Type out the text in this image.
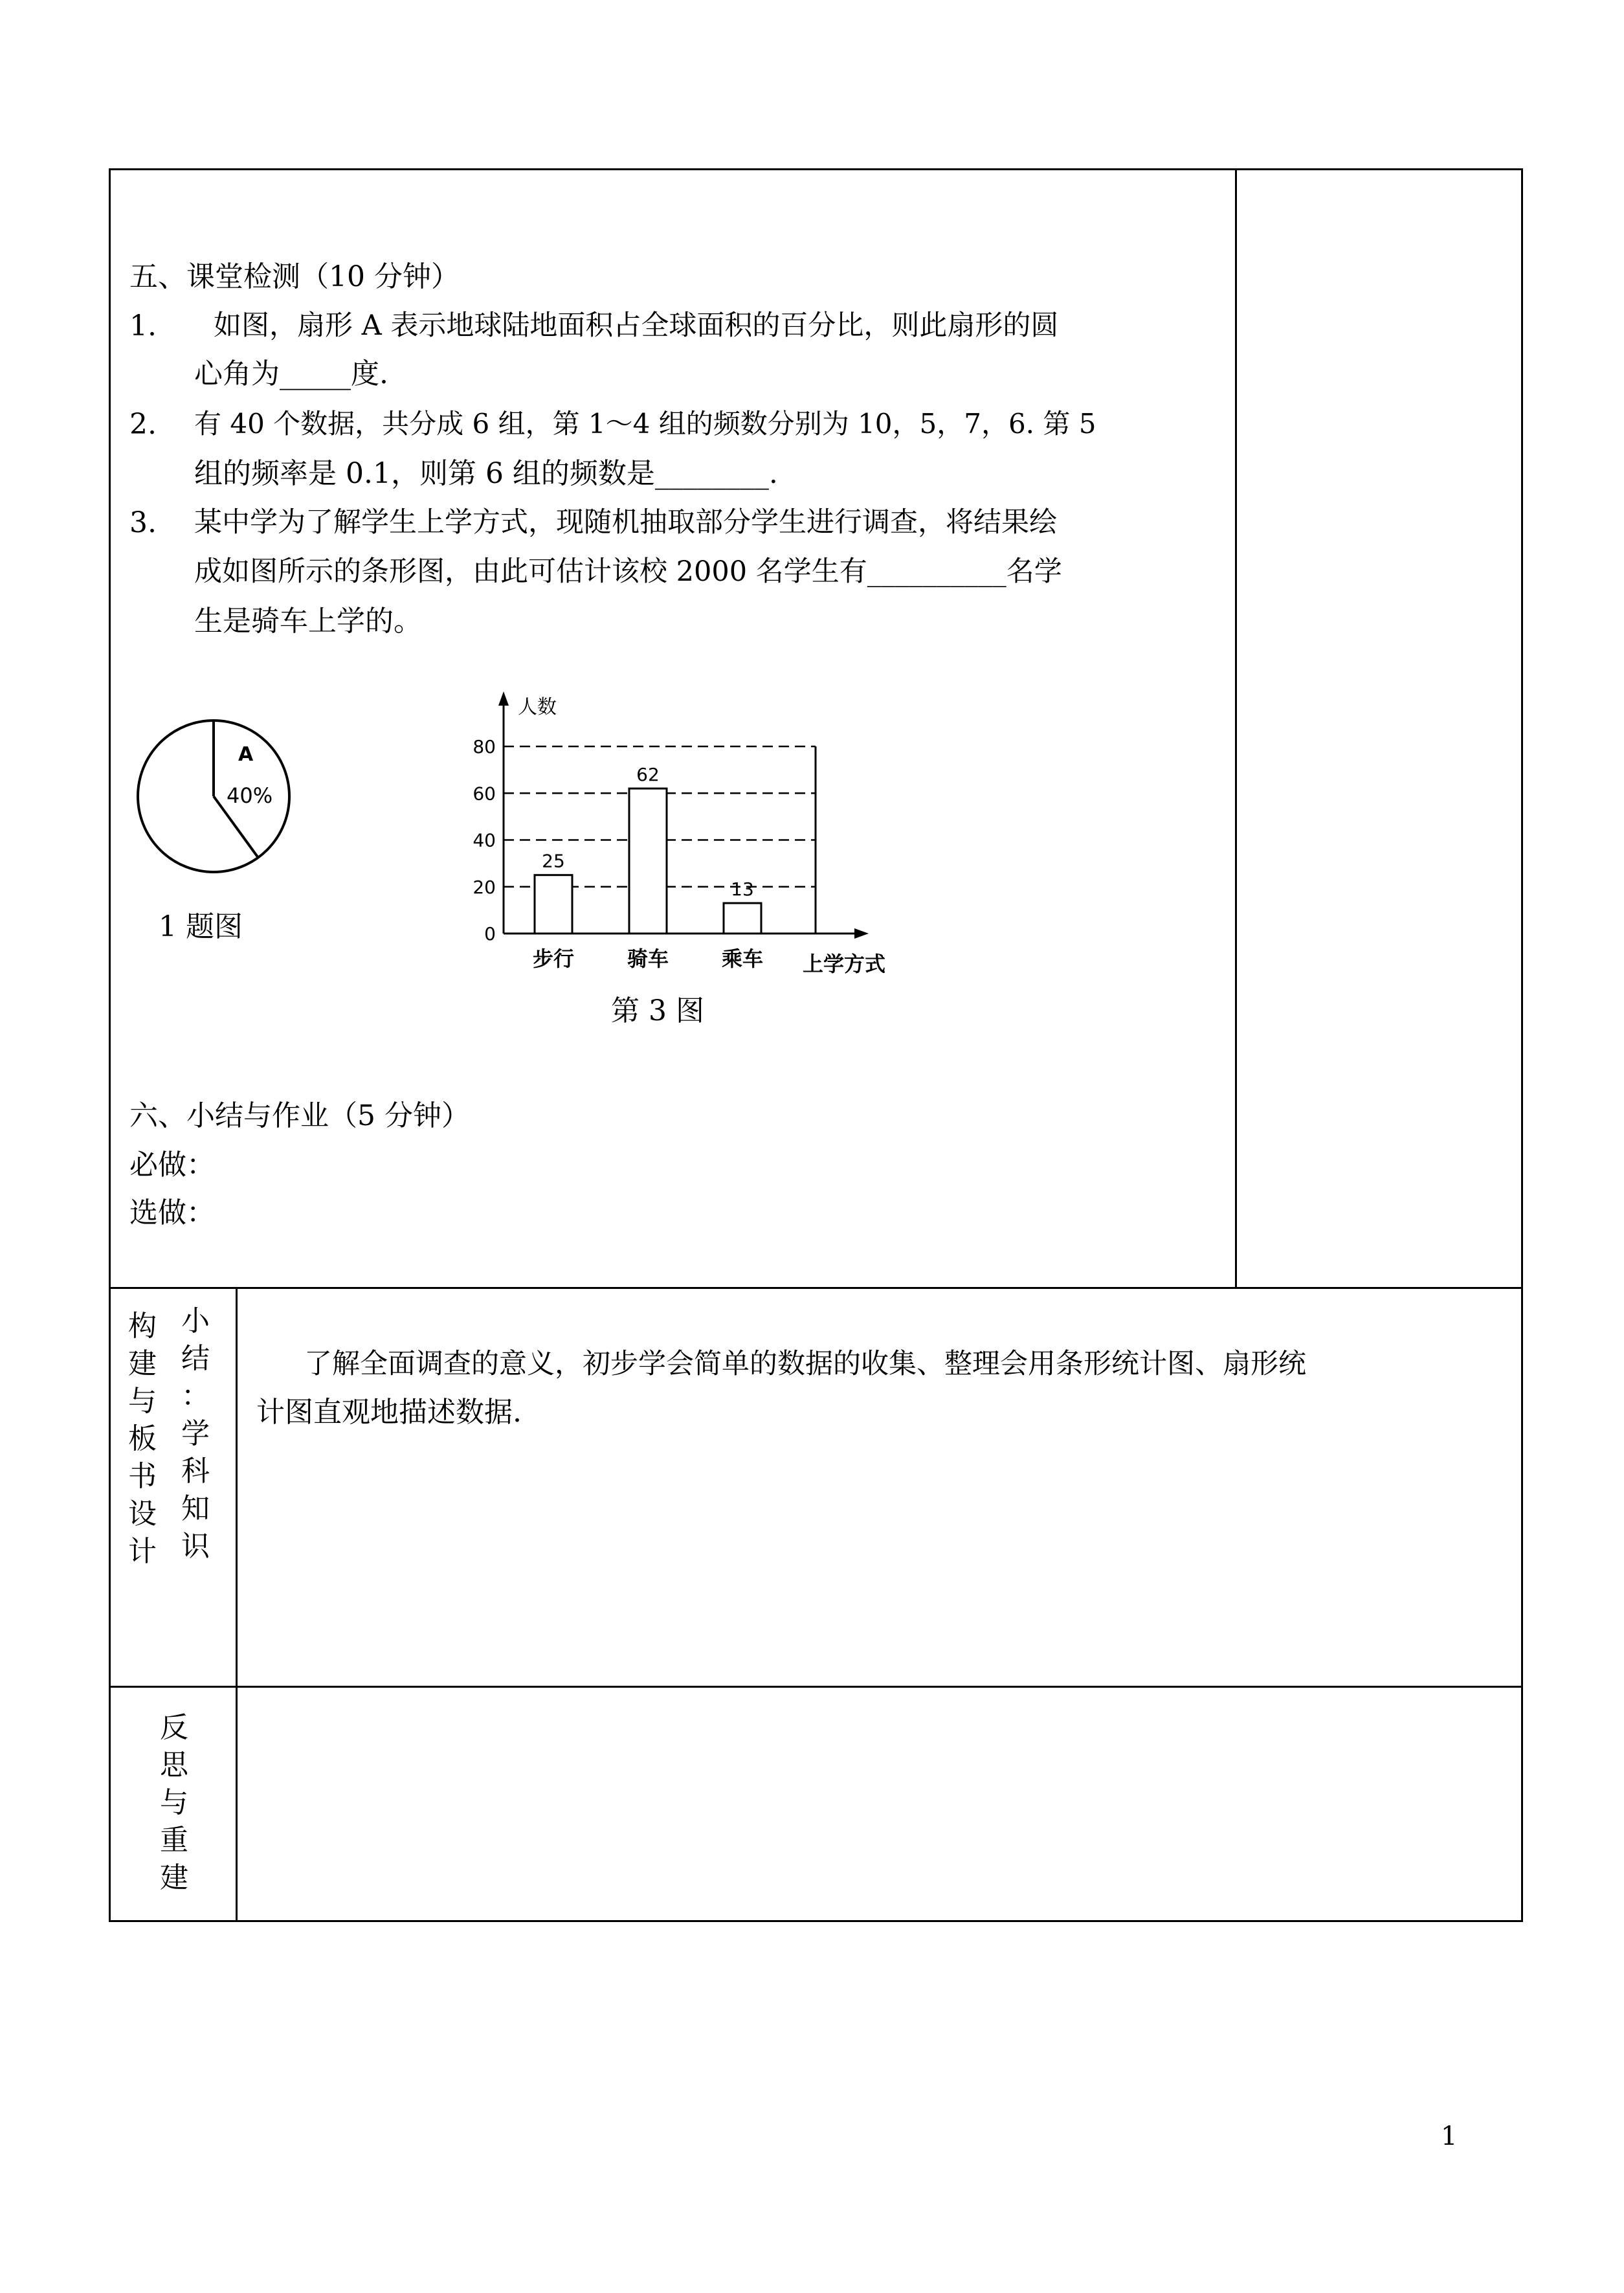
五、课堂检测（10 分钟）
1. 如图，扇形 A 表示地球陆地面积占全球面积的百分比，则此扇形的圆
心角为_____度.
2. 有 40 个数据，共分成 6 组，第 1～4 组的频数分别为 10，5，7，6. 第 5
组的频率是 0.1，则第 6 组的频数是________.
3. 某中学为了解学生上学方式，现随机抽取部分学生进行调查，将结果绘
成如图所示的条形图，由此可估计该校 2000 名学生有__________名学
生是骑车上学的。
A
40%
1 题图	0
20
40
60
80
人数
25
步行
62
骑车
13
乘车 上学方式
第 3 图
六、小结与作业（5 分钟）
必做：
选做：
构
建
与
板
书
设
计
小
结
：
学
科
知
识
了解全面调查的意义，初步学会简单的数据的收集、整理会用条形统计图、扇形统
计图直观地描述数据.
反
思
与
重
建
1
